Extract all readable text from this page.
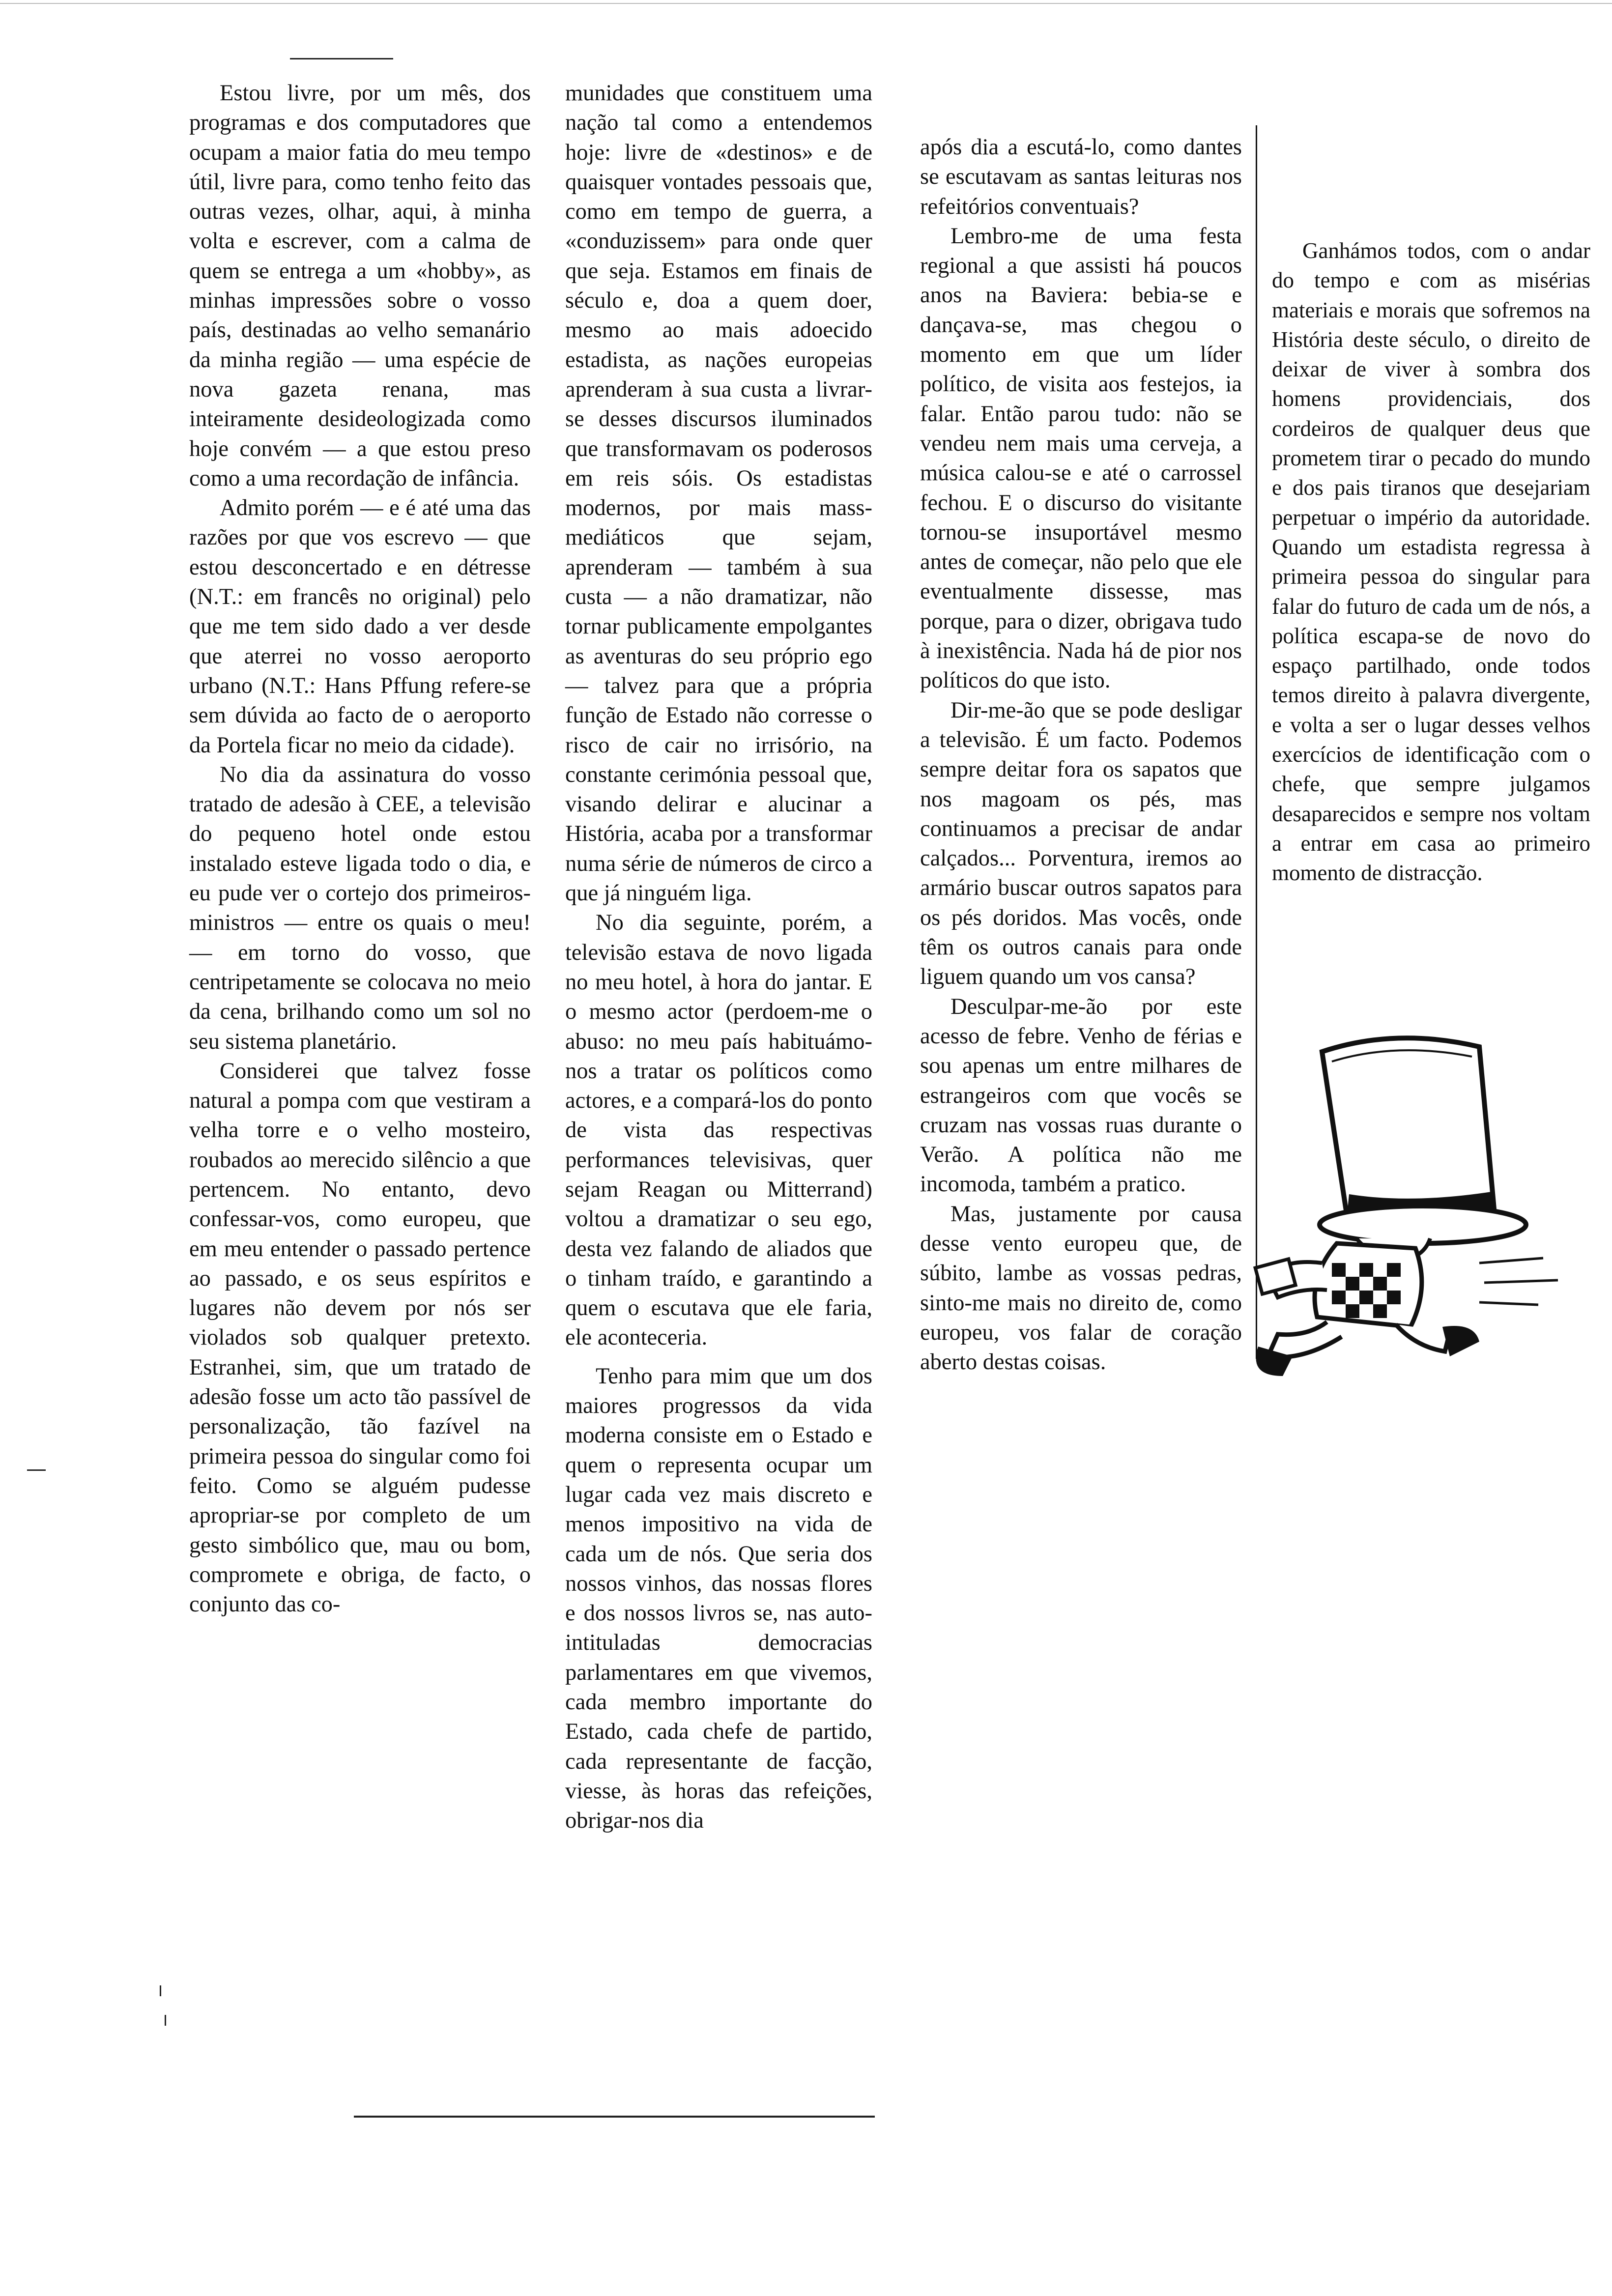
Estou livre, por um mês, dos programas e dos computadores que ocupam a maior fatia do meu tempo útil, livre para, como tenho feito das outras vezes, olhar, aqui, à minha volta e escrever, com a calma de quem se entrega a um «hobby», as minhas impressões sobre o vosso país, destinadas ao velho semanário da minha região — uma espécie de nova gazeta renana, mas inteiramente desideologizada como hoje convém — a que estou preso como a uma recordação de infância.

Admito porém — e é até uma das razões por que vos escrevo — que estou desconcertado e en détresse (N.T.: em francês no original) pelo que me tem sido dado a ver desde que aterrei no vosso aeroporto urbano (N.T.: Hans Pffung refere-se sem dúvida ao facto de o aeroporto da Portela ficar no meio da cidade).

No dia da assinatura do vosso tratado de adesão à CEE, a televisão do pequeno hotel onde estou instalado esteve ligada todo o dia, e eu pude ver o cortejo dos primeiros-ministros — entre os quais o meu! — em torno do vosso, que centripetamente se colocava no meio da cena, brilhando como um sol no seu sistema planetário.

Considerei que talvez fosse natural a pompa com que vestiram a velha torre e o velho mosteiro, roubados ao merecido silêncio a que pertencem. No entanto, devo confessar-vos, como europeu, que em meu entender o passado pertence ao passado, e os seus espíritos e lugares não devem por nós ser violados sob qualquer pretexto. Estranhei, sim, que um tratado de adesão fosse um acto tão passível de personalização, tão fazível na primeira pessoa do singular como foi feito. Como se alguém pudesse apropriar-se por completo de um gesto simbólico que, mau ou bom, compromete e obriga, de facto, o conjunto das co-

munidades que constituem uma nação tal como a entendemos hoje: livre de «destinos» e de quaisquer vontades pessoais que, como em tempo de guerra, a «conduzissem» para onde quer que seja. Estamos em finais de século e, doa a quem doer, mesmo ao mais adoecido estadista, as nações europeias aprenderam à sua custa a livrar-se desses discursos iluminados que transformavam os poderosos em reis sóis. Os estadistas modernos, por mais mass-mediáticos que sejam, aprenderam — também à sua custa — a não dramatizar, não tornar publicamente empolgantes as aventuras do seu próprio ego — talvez para que a própria função de Estado não corresse o risco de cair no irrisório, na constante cerimónia pessoal que, visando delirar e alucinar a História, acaba por a transformar numa série de números de circo a que já ninguém liga.

No dia seguinte, porém, a televisão estava de novo ligada no meu hotel, à hora do jantar. E o mesmo actor (perdoem-me o abuso: no meu país habituámo-nos a tratar os políticos como actores, e a compará-los do ponto de vista das respectivas performances televisivas, quer sejam Reagan ou Mitterrand) voltou a dramatizar o seu ego, desta vez falando de aliados que o tinham traído, e garantindo a quem o escutava que ele faria, ele aconteceria.

Tenho para mim que um dos maiores progressos da vida moderna consiste em o Estado e quem o representa ocupar um lugar cada vez mais discreto e menos impositivo na vida de cada um de nós. Que seria dos nossos vinhos, das nossas flores e dos nossos livros se, nas auto-intituladas democracias parlamentares em que vivemos, cada membro importante do Estado, cada chefe de partido, cada representante de facção, viesse, às horas das refeições, obrigar-nos dia

após dia a escutá-lo, como dantes se escutavam as santas leituras nos refeitórios conventuais?

Lembro-me de uma festa regional a que assisti há poucos anos na Baviera: bebia-se e dançava-se, mas chegou o momento em que um líder político, de visita aos festejos, ia falar. Então parou tudo: não se vendeu nem mais uma cerveja, a música calou-se e até o carrossel fechou. E o discurso do visitante tornou-se insuportável mesmo antes de começar, não pelo que ele eventualmente dissesse, mas porque, para o dizer, obrigava tudo à inexistência. Nada há de pior nos políticos do que isto.

Dir-me-ão que se pode desligar a televisão. É um facto. Podemos sempre deitar fora os sapatos que nos magoam os pés, mas continuamos a precisar de andar calçados... Porventura, iremos ao armário buscar outros sapatos para os pés doridos. Mas vocês, onde têm os outros canais para onde liguem quando um vos cansa?

Desculpar-me-ão por este acesso de febre. Venho de férias e sou apenas um entre milhares de estrangeiros com que vocês se cruzam nas vossas ruas durante o Verão. A política não me incomoda, também a pratico.

Mas, justamente por causa desse vento europeu que, de súbito, lambe as vossas pedras, sinto-me mais no direito de, como europeu, vos falar de coração aberto destas coisas.

Ganhámos todos, com o andar do tempo e com as misérias materiais e morais que sofremos na História deste século, o direito de deixar de viver à sombra dos homens providenciais, dos cordeiros de qualquer deus que prometem tirar o pecado do mundo e dos pais tiranos que desejariam perpetuar o império da autoridade. Quando um estadista regressa à primeira pessoa do singular para falar do futuro de cada um de nós, a política escapa-se de novo do espaço partilhado, onde todos temos direito à palavra divergente, e volta a ser o lugar desses velhos exercícios de identificação com o chefe, que sempre julgamos desaparecidos e sempre nos voltam a entrar em casa ao primeiro momento de distracção.
